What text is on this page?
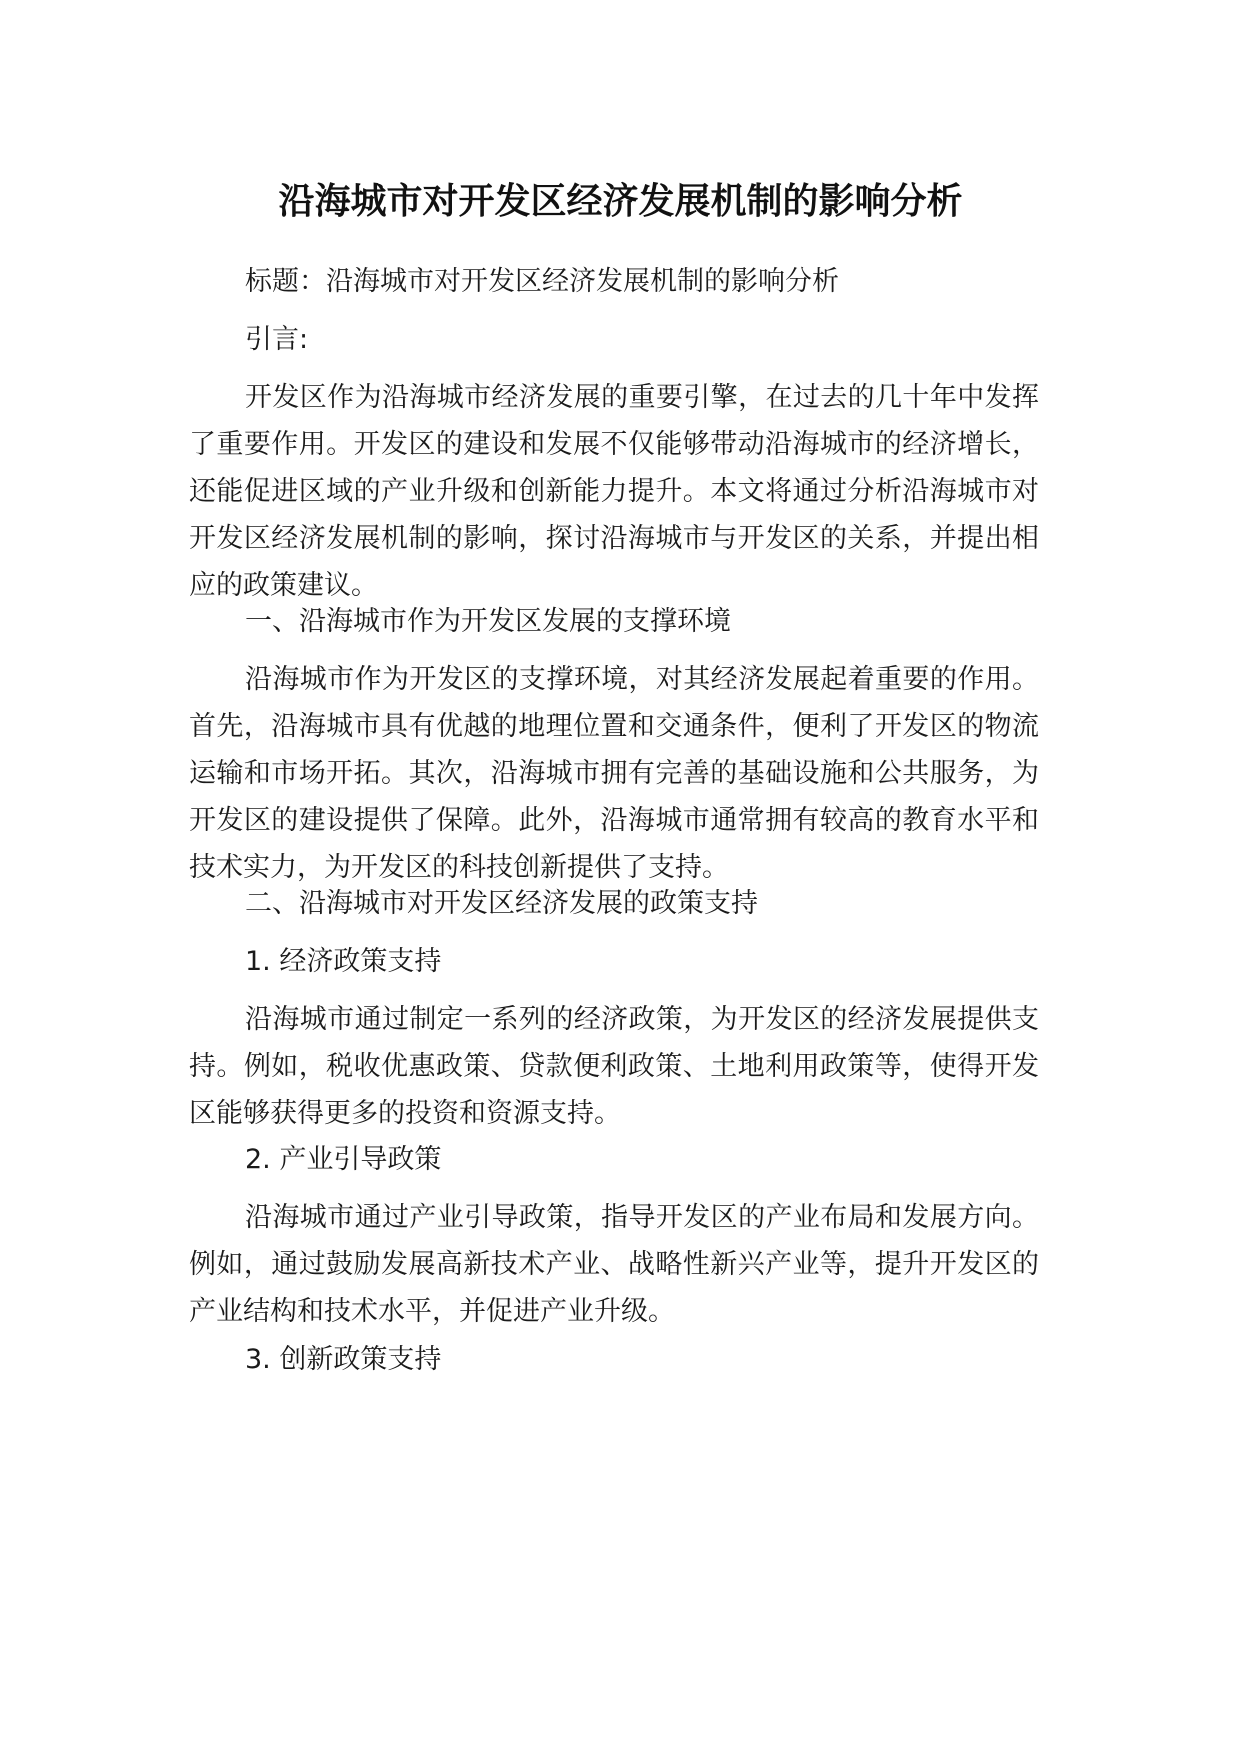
沿海城市对开发区经济发展机制的影响分析

标题：沿海城市对开发区经济发展机制的影响分析

引言:

开发区作为沿海城市经济发展的重要引擎，在过去的几十年中发挥了重要作用。开发区的建设和发展不仅能够带动沿海城市的经济增长，还能促进区域的产业升级和创新能力提升。本文将通过分析沿海城市对开发区经济发展机制的影响，探讨沿海城市与开发区的关系，并提出相应的政策建议。

一、沿海城市作为开发区发展的支撑环境

沿海城市作为开发区的支撑环境，对其经济发展起着重要的作用。首先，沿海城市具有优越的地理位置和交通条件，便利了开发区的物流运输和市场开拓。其次，沿海城市拥有完善的基础设施和公共服务，为开发区的建设提供了保障。此外，沿海城市通常拥有较高的教育水平和技术实力，为开发区的科技创新提供了支持。

二、沿海城市对开发区经济发展的政策支持

1. 经济政策支持

沿海城市通过制定一系列的经济政策，为开发区的经济发展提供支持。例如，税收优惠政策、贷款便利政策、土地利用政策等，使得开发区能够获得更多的投资和资源支持。

2. 产业引导政策

沿海城市通过产业引导政策，指导开发区的产业布局和发展方向。例如，通过鼓励发展高新技术产业、战略性新兴产业等，提升开发区的产业结构和技术水平，并促进产业升级。

3. 创新政策支持
